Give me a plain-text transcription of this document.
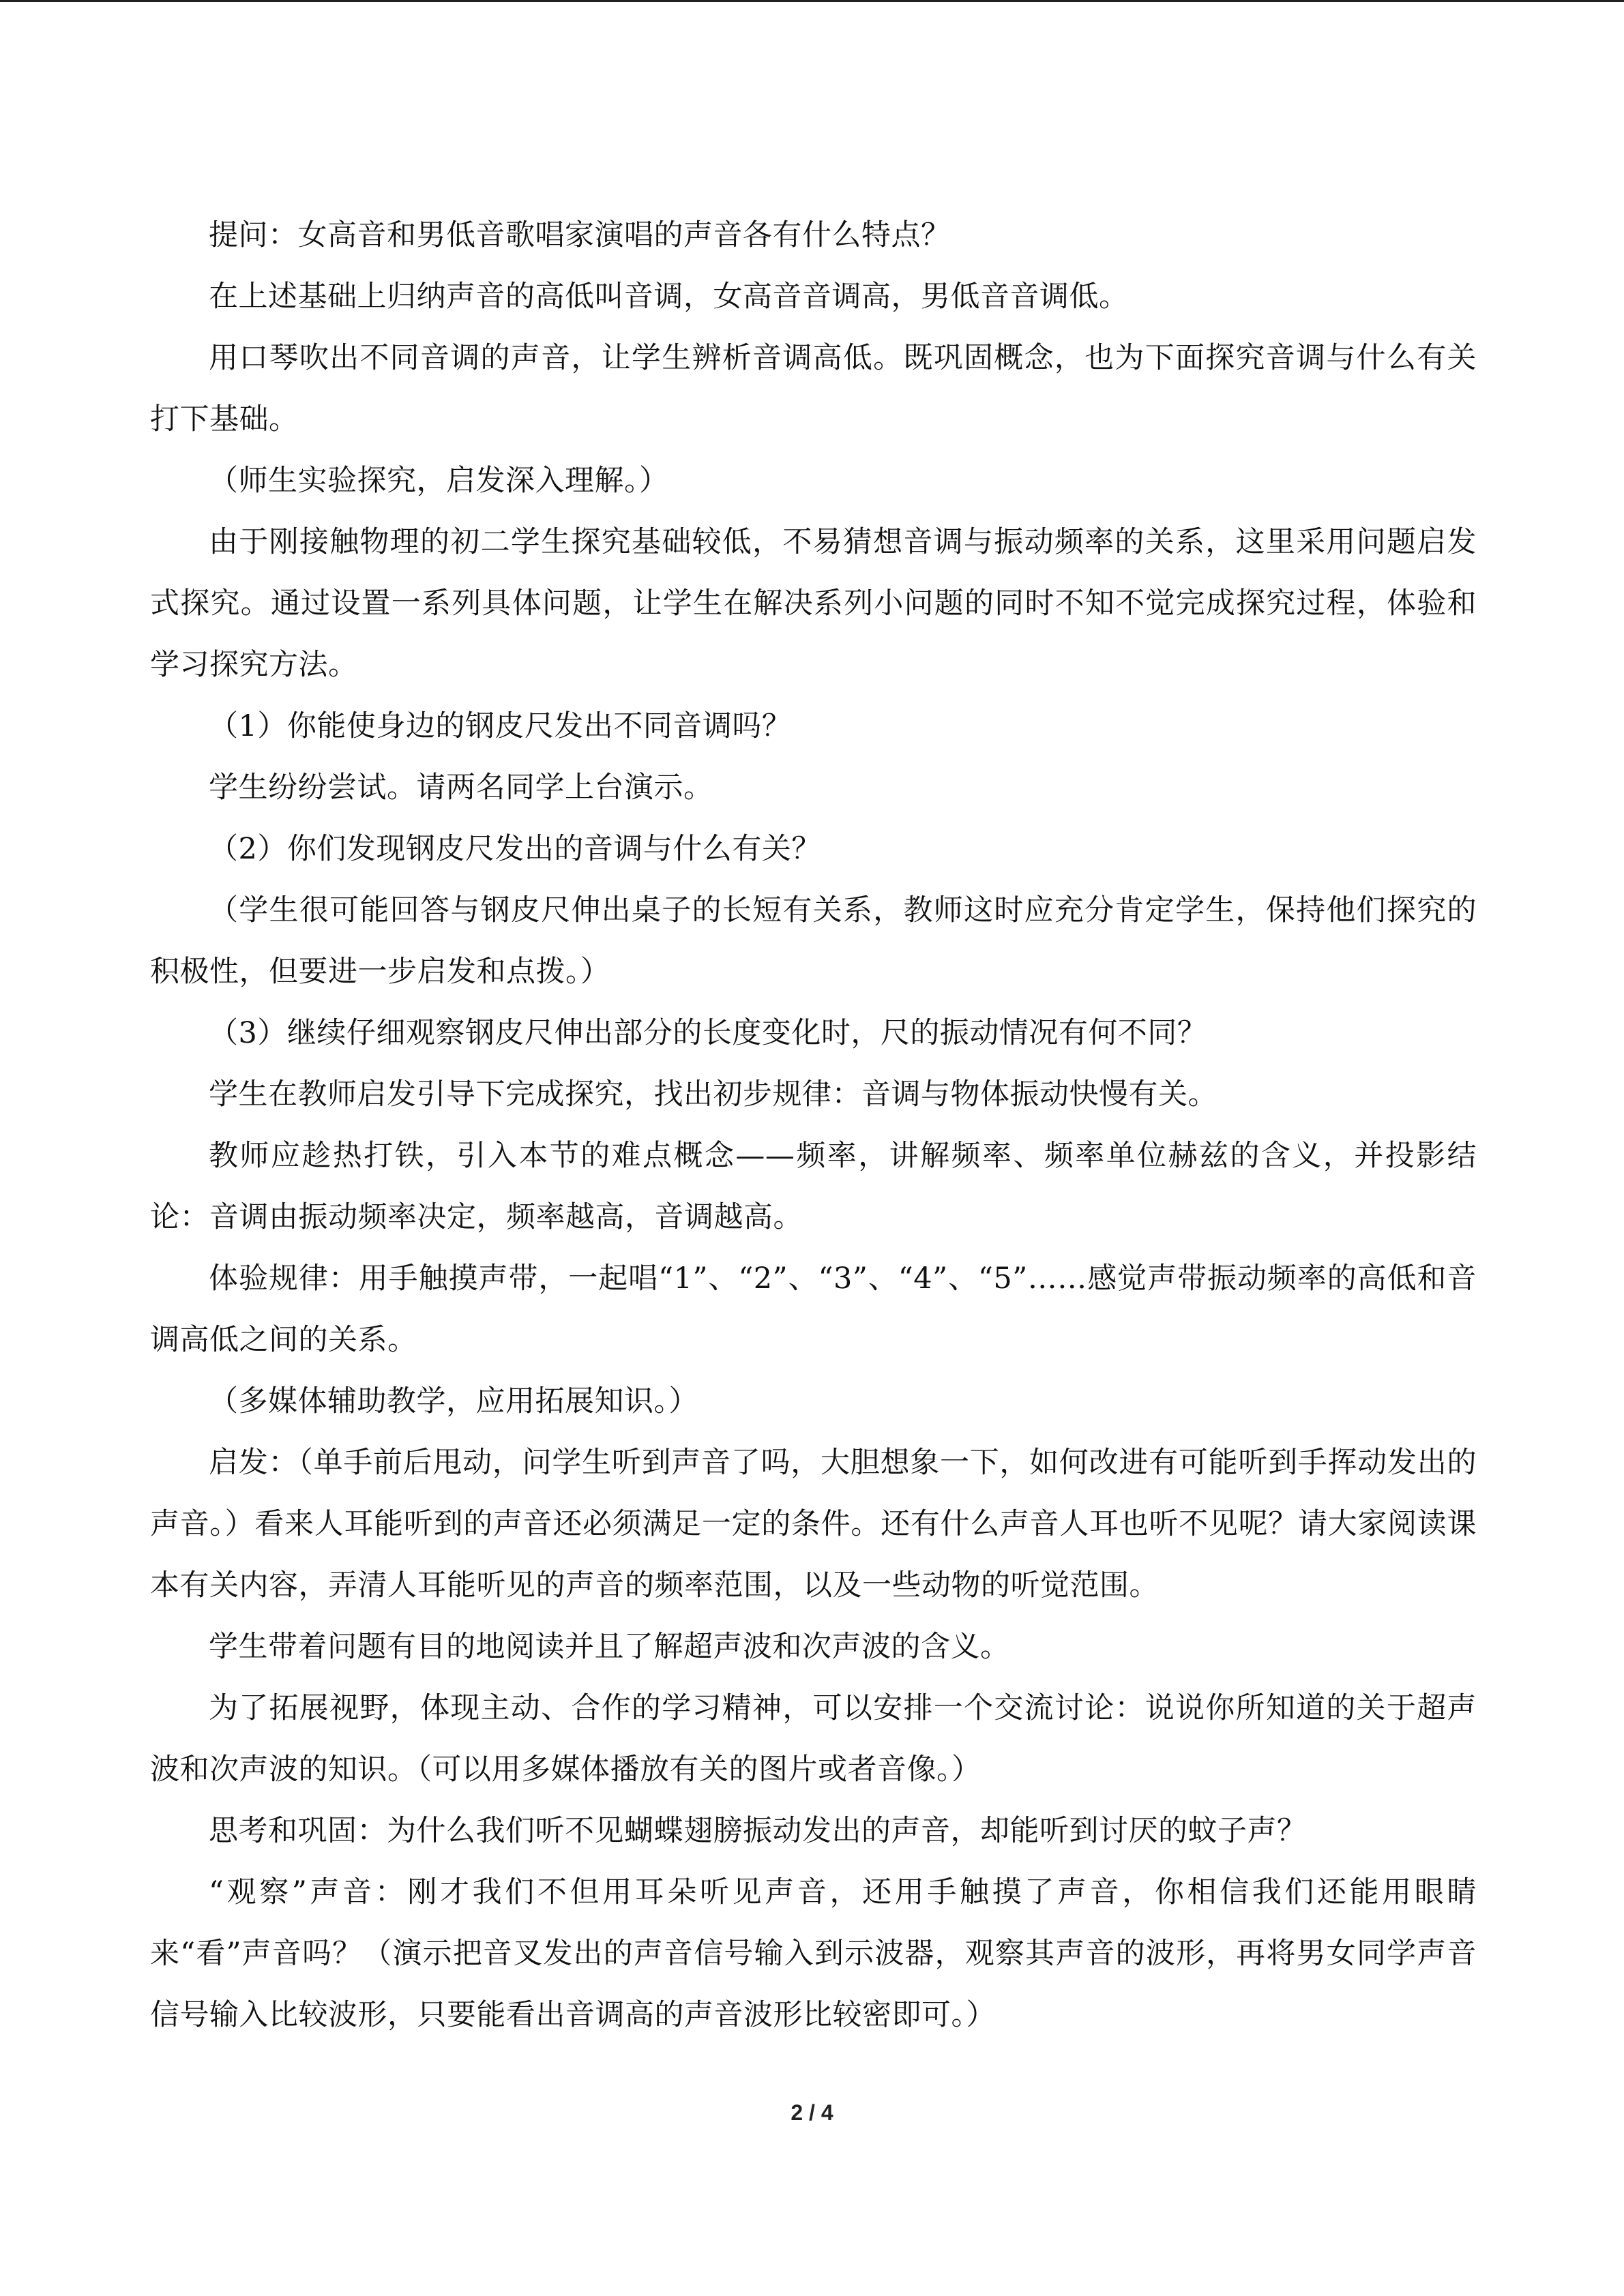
提问：女高音和男低音歌唱家演唱的声音各有什么特点？

在上述基础上归纳声音的高低叫音调，女高音音调高，男低音音调低。

用口琴吹出不同音调的声音，让学生辨析音调高低。既巩固概念，也为下面探究音调与什么有关打下基础。

（师生实验探究，启发深入理解。）

由于刚接触物理的初二学生探究基础较低，不易猜想音调与振动频率的关系，这里采用问题启发式探究。通过设置一系列具体问题，让学生在解决系列小问题的同时不知不觉完成探究过程，体验和学习探究方法。

（1）你能使身边的钢皮尺发出不同音调吗？

学生纷纷尝试。请两名同学上台演示。

（2）你们发现钢皮尺发出的音调与什么有关？

（学生很可能回答与钢皮尺伸出桌子的长短有关系，教师这时应充分肯定学生，保持他们探究的积极性，但要进一步启发和点拨。）

（3）继续仔细观察钢皮尺伸出部分的长度变化时，尺的振动情况有何不同？

学生在教师启发引导下完成探究，找出初步规律：音调与物体振动快慢有关。

教师应趁热打铁，引入本节的难点概念——频率，讲解频率、频率单位赫兹的含义，并投影结论：音调由振动频率决定，频率越高，音调越高。

体验规律：用手触摸声带，一起唱“1”、“2”、“3”、“4”、“5”……感觉声带振动频率的高低和音调高低之间的关系。

（多媒体辅助教学，应用拓展知识。）

启发：（单手前后甩动，问学生听到声音了吗，大胆想象一下，如何改进有可能听到手挥动发出的声音。）看来人耳能听到的声音还必须满足一定的条件。还有什么声音人耳也听不见呢？请大家阅读课本有关内容，弄清人耳能听见的声音的频率范围，以及一些动物的听觉范围。

学生带着问题有目的地阅读并且了解超声波和次声波的含义。

为了拓展视野，体现主动、合作的学习精神，可以安排一个交流讨论：说说你所知道的关于超声波和次声波的知识。（可以用多媒体播放有关的图片或者音像。）

思考和巩固：为什么我们听不见蝴蝶翅膀振动发出的声音，却能听到讨厌的蚊子声？

“观察”声音：刚才我们不但用耳朵听见声音，还用手触摸了声音，你相信我们还能用眼睛来“看”声音吗？（演示把音叉发出的声音信号输入到示波器，观察其声音的波形，再将男女同学声音信号输入比较波形，只要能看出音调高的声音波形比较密即可。）

2 / 4
